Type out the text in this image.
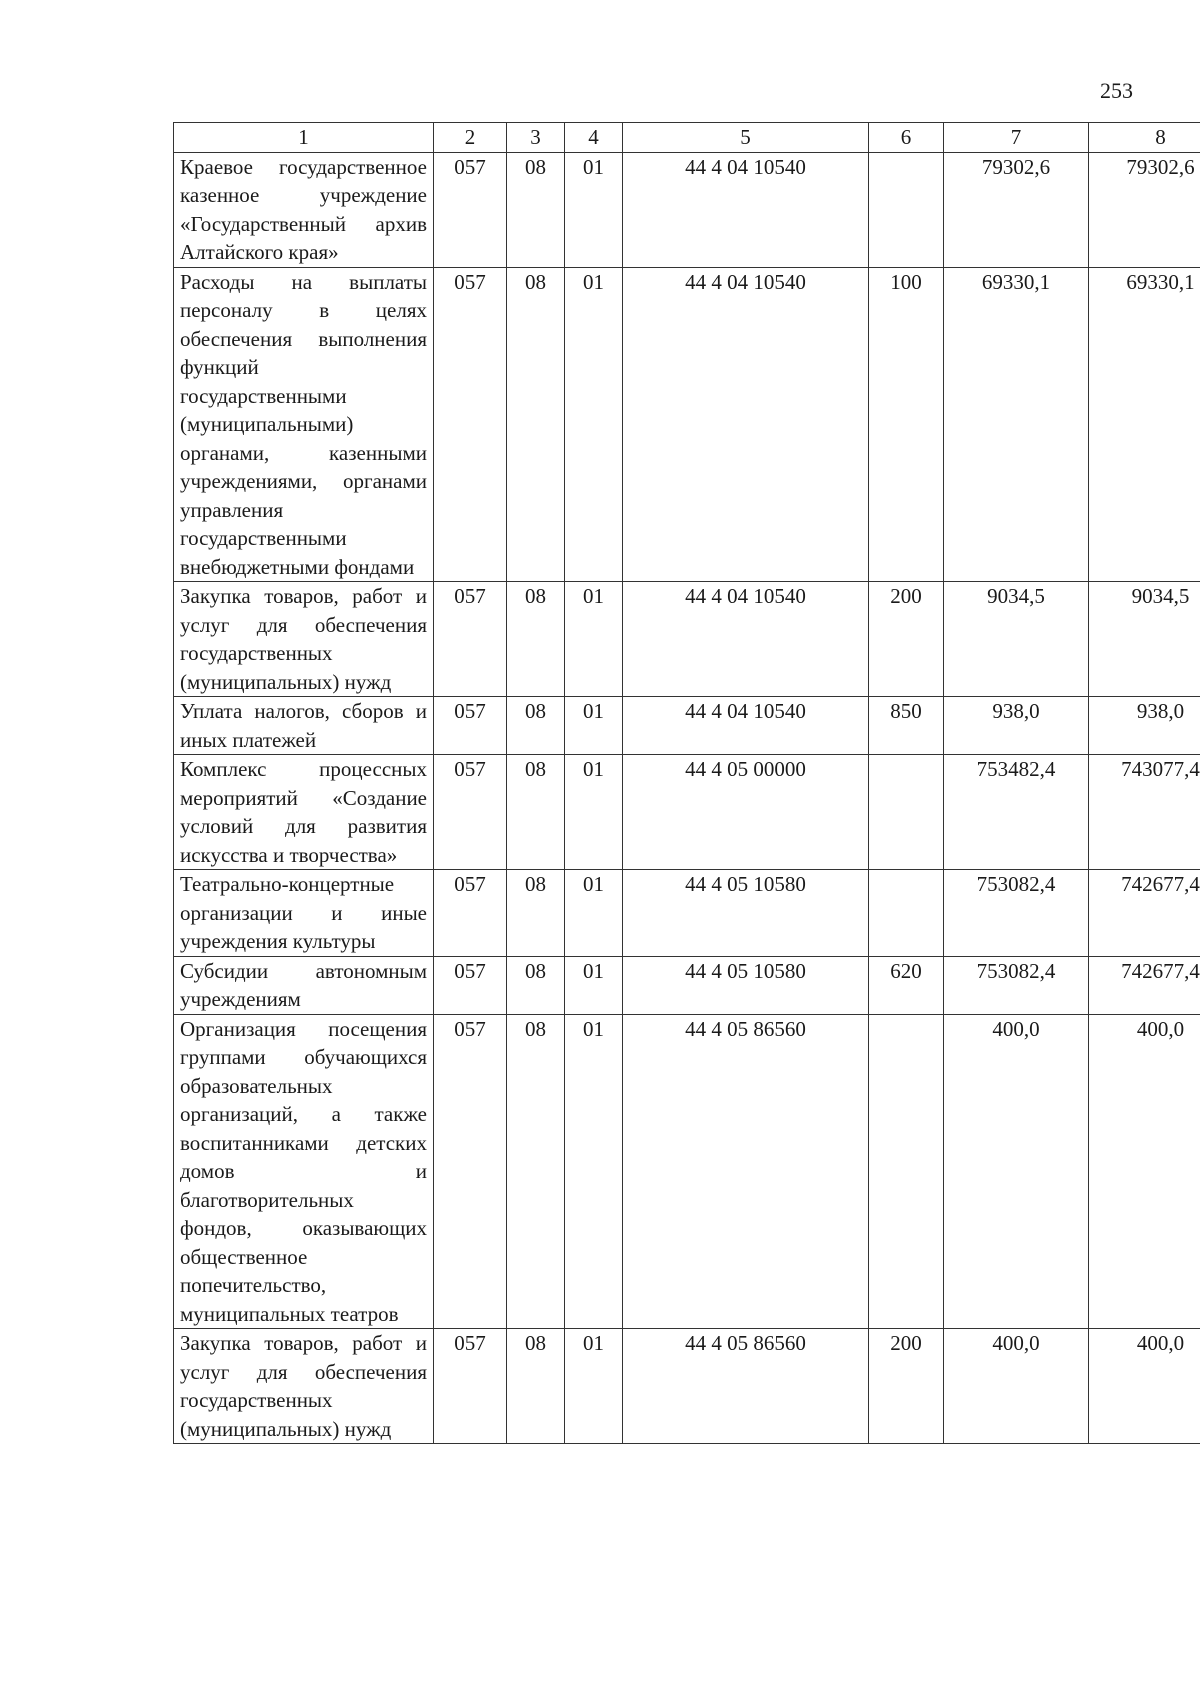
253
1	2	3	4	5	6	7	8
Краевое государственное казенное учреждение «Государственный архив Алтайского края»	057	08	01	44 4 04 10540		79302,6	79302,6
Расходы на выплаты персоналу в целях обеспечения выполнения функций государственными (муниципальными) органами, казенными учреждениями, органами управления государственными внебюджетными фондами	057	08	01	44 4 04 10540	100	69330,1	69330,1
Закупка товаров, работ и услуг для обеспечения государственных (муниципальных) нужд	057	08	01	44 4 04 10540	200	9034,5	9034,5
Уплата налогов, сборов и иных платежей	057	08	01	44 4 04 10540	850	938,0	938,0
Комплекс процессных мероприятий «Создание условий для развития искусства и творчества»	057	08	01	44 4 05 00000		753482,4	743077,4
Театрально-концертные организации и иные учреждения культуры	057	08	01	44 4 05 10580		753082,4	742677,4
Субсидии автономным учреждениям	057	08	01	44 4 05 10580	620	753082,4	742677,4
Организация посещения группами обучающихся образовательных организаций, а также воспитанниками детских домов и благотворительных фондов, оказывающих общественное попечительство, муниципальных театров	057	08	01	44 4 05 86560		400,0	400,0
Закупка товаров, работ и услуг для обеспечения государственных (муниципальных) нужд	057	08	01	44 4 05 86560	200	400,0	400,0
